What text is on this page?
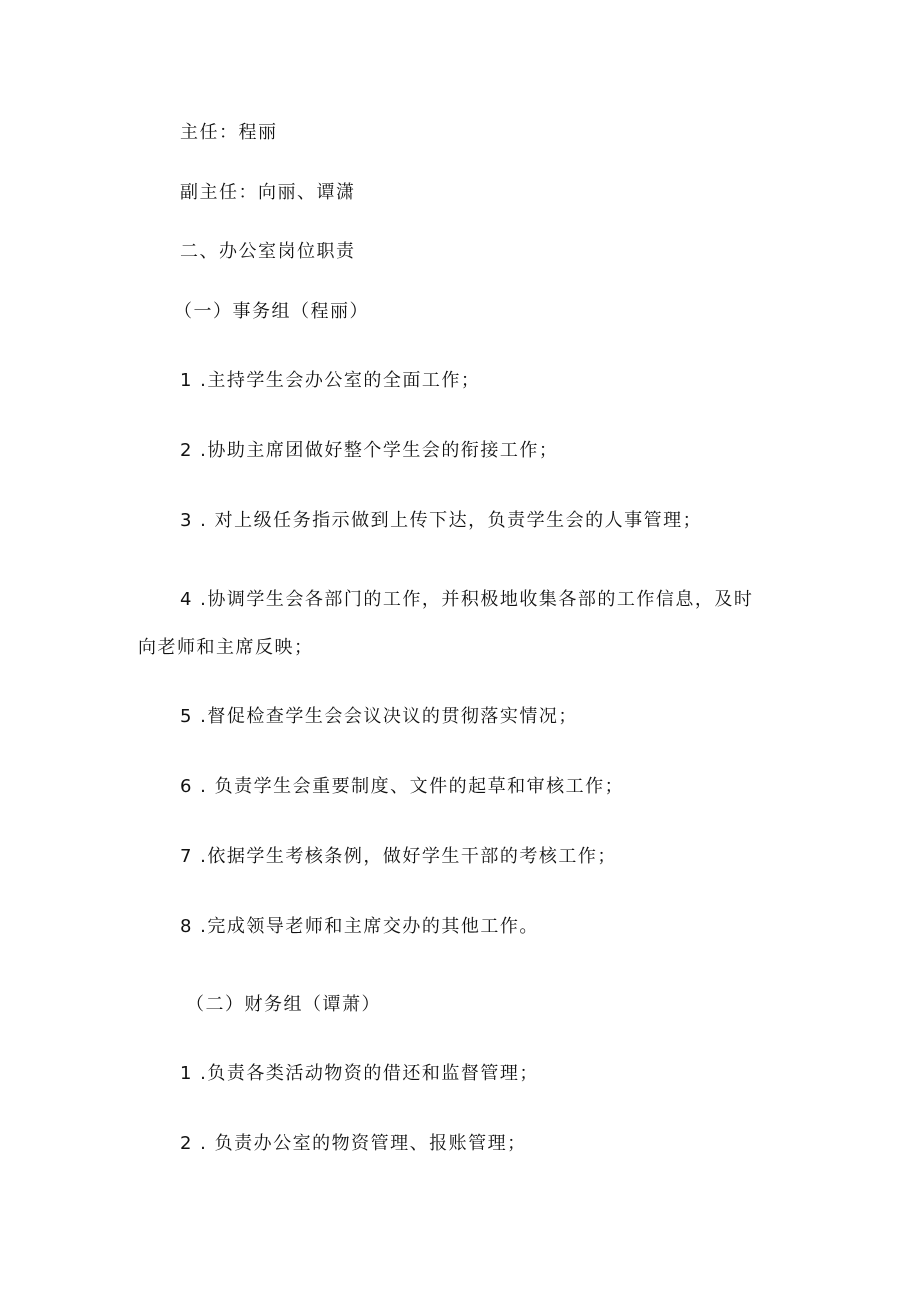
主任：程丽
副主任：向丽、谭潇
二、办公室岗位职责
（一）事务组（程丽）
1 .主持学生会办公室的全面工作；
2 .协助主席团做好整个学生会的衔接工作；
3 . 对上级任务指示做到上传下达，负责学生会的人事管理；
4 .协调学生会各部门的工作，并积极地收集各部的工作信息，及时
向老师和主席反映；
5 .督促检查学生会会议决议的贯彻落实情况；
6 . 负责学生会重要制度、文件的起草和审核工作；
7 .依据学生考核条例，做好学生干部的考核工作；
8 .完成领导老师和主席交办的其他工作。
（二）财务组（谭萧）
1 .负责各类活动物资的借还和监督管理；
2 . 负责办公室的物资管理、报账管理；
